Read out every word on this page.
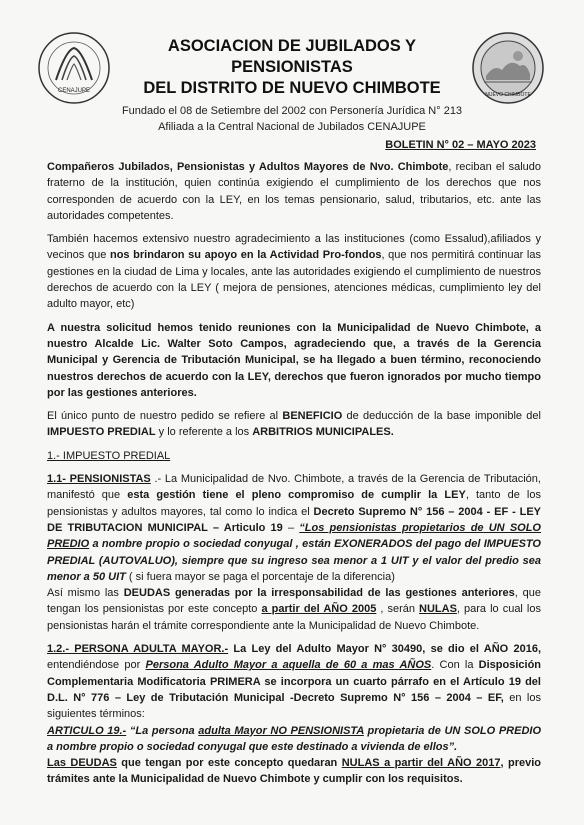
CENAJUPE
ASOCIACION DE JUBILADOS Y PENSIONISTAS
DEL DISTRITO DE NUEVO CHIMBOTE
Fundado el 08 de Setiembre del 2002 con Personería Jurídica N° 213
Afiliada a la Central Nacional de Jubilados CENAJUPE
NUEVO CHIMBOTE
BOLETIN N° 02 – MAYO 2023

Compañeros Jubilados, Pensionistas y Adultos Mayores de Nvo. Chimbote, reciban el saludo fraterno de la institución, quien continúa exigiendo el cumplimiento de los derechos que nos corresponden de acuerdo con la LEY, en los temas pensionario, salud, tributarios, etc. ante las autoridades competentes.

También hacemos extensivo nuestro agradecimiento a las instituciones (como Essalud),afiliados y vecinos que nos brindaron su apoyo en la Actividad Pro-fondos, que nos permitirá continuar las gestiones en la ciudad de Lima y locales, ante las autoridades exigiendo el cumplimiento de nuestros derechos de acuerdo con la LEY ( mejora de pensiones, atenciones médicas, cumplimiento ley del adulto mayor, etc)

A nuestra solicitud hemos tenido reuniones con la Municipalidad de Nuevo Chimbote, a nuestro Alcalde Lic. Walter Soto Campos, agradeciendo que, a través de la Gerencia Municipal y Gerencia de Tributación Municipal, se ha llegado a buen término, reconociendo nuestros derechos de acuerdo con la LEY, derechos que fueron ignorados por mucho tiempo por las gestiones anteriores.

El único punto de nuestro pedido se refiere al BENEFICIO de deducción de la base imponible del IMPUESTO PREDIAL y lo referente a los ARBITRIOS MUNICIPALES.

1.- IMPUESTO PREDIAL

1.1- PENSIONISTAS .- La Municipalidad de Nvo. Chimbote, a través de la Gerencia de Tributación, manifestó que esta gestión tiene el pleno compromiso de cumplir la LEY, tanto de los pensionistas y adultos mayores, tal como lo indica el Decreto Supremo N° 156 – 2004 - EF - LEY DE TRIBUTACION MUNICIPAL – Articulo 19 – “Los pensionistas propietarios de UN SOLO PREDIO a nombre propio o sociedad conyugal , están EXONERADOS del pago del IMPUESTO PREDIAL (AUTOVALUO), siempre que su ingreso sea menor a 1 UIT y el valor del predio sea menor a 50 UIT ( si fuera mayor se paga el porcentaje de la diferencia)

Así mismo las DEUDAS generadas por la irresponsabilidad de las gestiones anteriores, que tengan los pensionistas por este concepto a partir del AÑO 2005 , serán NULAS, para lo cual los pensionistas harán el trámite correspondiente ante la Municipalidad de Nuevo Chimbote.

1.2.- PERSONA ADULTA MAYOR.- La Ley del Adulto Mayor N° 30490, se dio el AÑO 2016, entendiéndose por Persona Adulto Mayor a aquella de 60 a mas AÑOS. Con la Disposición Complementaria Modificatoria PRIMERA se incorpora un cuarto párrafo en el Artículo 19 del D.L. N° 776 – Ley de Tributación Municipal -Decreto Supremo N° 156 – 2004 – EF, en los siguientes términos:

ARTICULO 19.- “La persona adulta Mayor NO PENSIONISTA propietaria de UN SOLO PREDIO a nombre propio o sociedad conyugal que este destinado a vivienda de ellos”.

Las DEUDAS que tengan por este concepto quedaran NULAS a partir del AÑO 2017, previo trámites ante la Municipalidad de Nuevo Chimbote y cumplir con los requisitos.
